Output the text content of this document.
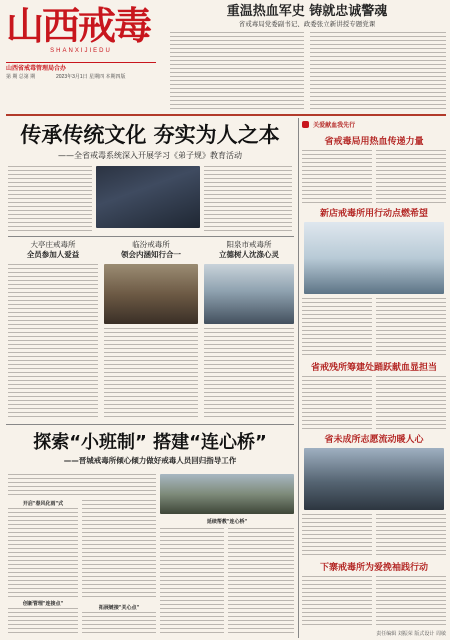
山西戒毒
SHANXIJIEDU
山西省戒毒管理局合办
第 期 总第 期	2023年3月1日 星期四 本期四版
重温热血军史 铸就忠诚警魂
省戒毒局党委副书记、政委张立新讲授专题党课
传承传统文化 夯实为人之本
——全省戒毒系统深入开展学习《弟子规》教育活动
大亭庄戒毒所
全员参加人爱益
临汾戒毒所
领会内涵知行合一
阳泉市戒毒所
立德树人沈涤心灵
探索“小班制” 搭建“连心桥”
——晋城戒毒所倾心倾力做好戒毒人员回归指导工作
开启"春风化雨"式
创新管理"连接点"
拓展链接"关心点"
延续帮教"连心桥"
关爱献血我先行
省戒毒局用热血传递力量
新店戒毒所用行动点燃希望
省戒残所筹建处踊跃献血显担当
省未成所志愿流动暖人心
下寨戒毒所为爱挽袖践行动
责任编辑 刘振荣 版式设计 周敏
